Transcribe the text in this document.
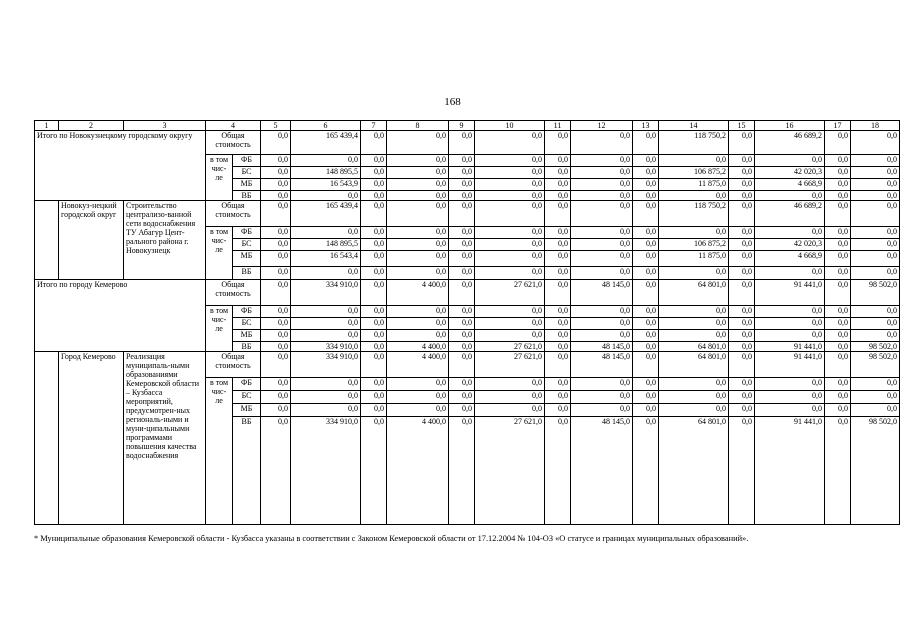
168
1	2	3	4		5	6	7	8	9	10	11	12	13	14	15	16	17	18
Итого по Новокузнецкому городскому округу			Общая стоимость		0,0	165 439,4	0,0	0,0	0,0	0,0	0,0	0,0	0,0	118 750,2	0,0	46 689,2	0,0	0,0
			в том чис-ле	ФБ	0,0	0,0	0,0	0,0	0,0	0,0	0,0	0,0	0,0	0,0	0,0	0,0	0,0	0,0
				БС	0,0	148 895,5	0,0	0,0	0,0	0,0	0,0	0,0	0,0	106 875,2	0,0	42 020,3	0,0	0,0
				МБ	0,0	16 543,9	0,0	0,0	0,0	0,0	0,0	0,0	0,0	11 875,0	0,0	4 668,9	0,0	0,0
				ВБ	0,0	0,0	0,0	0,0	0,0	0,0	0,0	0,0	0,0	0,0	0,0	0,0	0,0	0,0
	Новокуз-нецкий городской округ	Строительство централизо-ванной сети водоснабжения ТУ Абагур Цент-рального района г. Новокузнецк	Общая стоимость		0,0	165 439,4	0,0	0,0	0,0	0,0	0,0	0,0	0,0	118 750,2	0,0	46 689,2	0,0	0,0
			в том чис-ле	ФБ	0,0	0,0	0,0	0,0	0,0	0,0	0,0	0,0	0,0	0,0	0,0	0,0	0,0	0,0
				БС	0,0	148 895,5	0,0	0,0	0,0	0,0	0,0	0,0	0,0	106 875,2	0,0	42 020,3	0,0	0,0
				МБ	0,0	16 543,4	0,0	0,0	0,0	0,0	0,0	0,0	0,0	11 875,0	0,0	4 668,9	0,0	0,0
				ВБ	0,0	0,0	0,0	0,0	0,0	0,0	0,0	0,0	0,0	0,0	0,0	0,0	0,0	0,0
Итого по городу Кемерово			Общая стоимость		0,0	334 910,0	0,0	4 400,0	0,0	27 621,0	0,0	48 145,0	0,0	64 801,0	0,0	91 441,0	0,0	98 502,0
			в том чис-ле	ФБ	0,0	0,0	0,0	0,0	0,0	0,0	0,0	0,0	0,0	0,0	0,0	0,0	0,0	0,0
				БС	0,0	0,0	0,0	0,0	0,0	0,0	0,0	0,0	0,0	0,0	0,0	0,0	0,0	0,0
				МБ	0,0	0,0	0,0	0,0	0,0	0,0	0,0	0,0	0,0	0,0	0,0	0,0	0,0	0,0
				ВБ	0,0	334 910,0	0,0	4 400,0	0,0	27 621,0	0,0	48 145,0	0,0	64 801,0	0,0	91 441,0	0,0	98 502,0
	Город Кемерово	Реализация муниципаль-ными образованиями Кемеровской области – Кузбасса мероприятий, предусмотрен-ных региональ-ными и муни-ципальными программами повышения качества водоснабжения	Общая стоимость		0,0	334 910,0	0,0	4 400,0	0,0	27 621,0	0,0	48 145,0	0,0	64 801,0	0,0	91 441,0	0,0	98 502,0
			в том чис-ле	ФБ	0,0	0,0	0,0	0,0	0,0	0,0	0,0	0,0	0,0	0,0	0,0	0,0	0,0	0,0
				БС	0,0	0,0	0,0	0,0	0,0	0,0	0,0	0,0	0,0	0,0	0,0	0,0	0,0	0,0
				МБ	0,0	0,0	0,0	0,0	0,0	0,0	0,0	0,0	0,0	0,0	0,0	0,0	0,0	0,0
				ВБ	0,0	334 910,0	0,0	4 400,0	0,0	27 621,0	0,0	48 145,0	0,0	64 801,0	0,0	91 441,0	0,0	98 502,0
* Муниципальные образования Кемеровской области - Кузбасса указаны в соответствии с Законом Кемеровской области от 17.12.2004 № 104-ОЗ «О статусе и границах муниципальных образований».
